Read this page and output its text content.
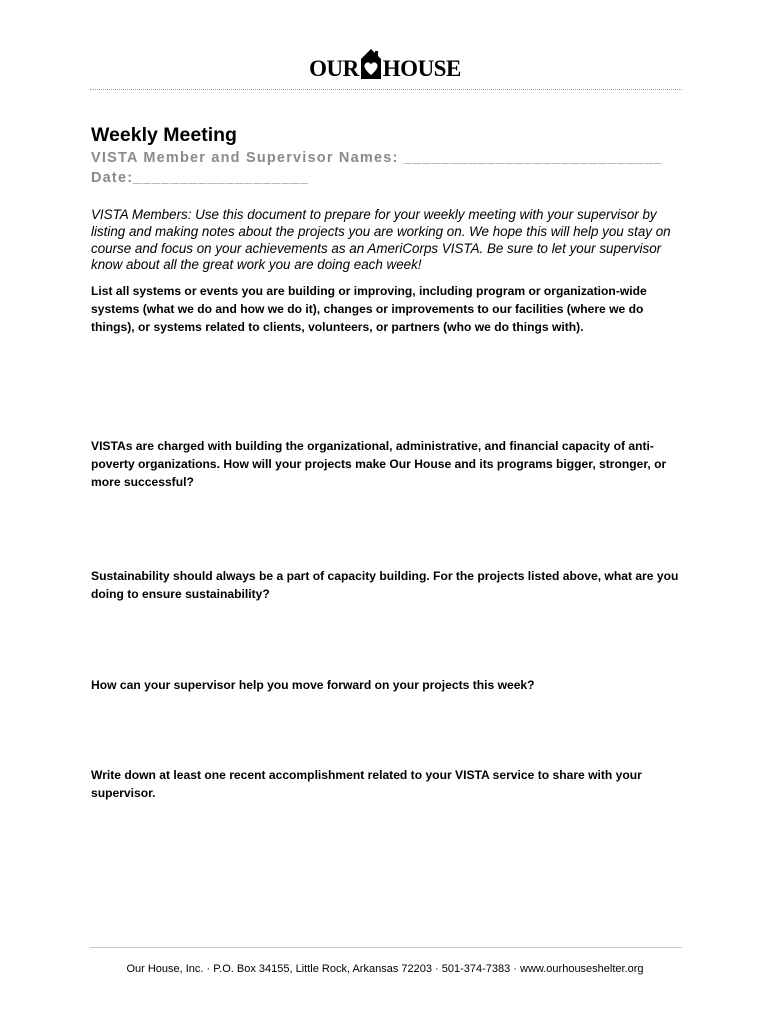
OUR HOUSE
Weekly Meeting
VISTA Member and Supervisor Names: ____________________________
Date:___________________

VISTA Members: Use this document to prepare for your weekly meeting with your supervisor by listing and making notes about the projects you are working on. We hope this will help you stay on course and focus on your achievements as an AmeriCorps VISTA. Be sure to let your supervisor know about all the great work you are doing each week!

List all systems or events you are building or improving, including program or organization-wide systems (what we do and how we do it), changes or improvements to our facilities (where we do things), or systems related to clients, volunteers, or partners (who we do things with).

VISTAs are charged with building the organizational, administrative, and financial capacity of anti-poverty organizations. How will your projects make Our House and its programs bigger, stronger, or more successful?

Sustainability should always be a part of capacity building. For the projects listed above, what are you doing to ensure sustainability?

How can your supervisor help you move forward on your projects this week?

Write down at least one recent accomplishment related to your VISTA service to share with your supervisor.

Our House, Inc. · P.O. Box 34155, Little Rock, Arkansas 72203 · 501-374-7383 · www.ourhouseshelter.org
